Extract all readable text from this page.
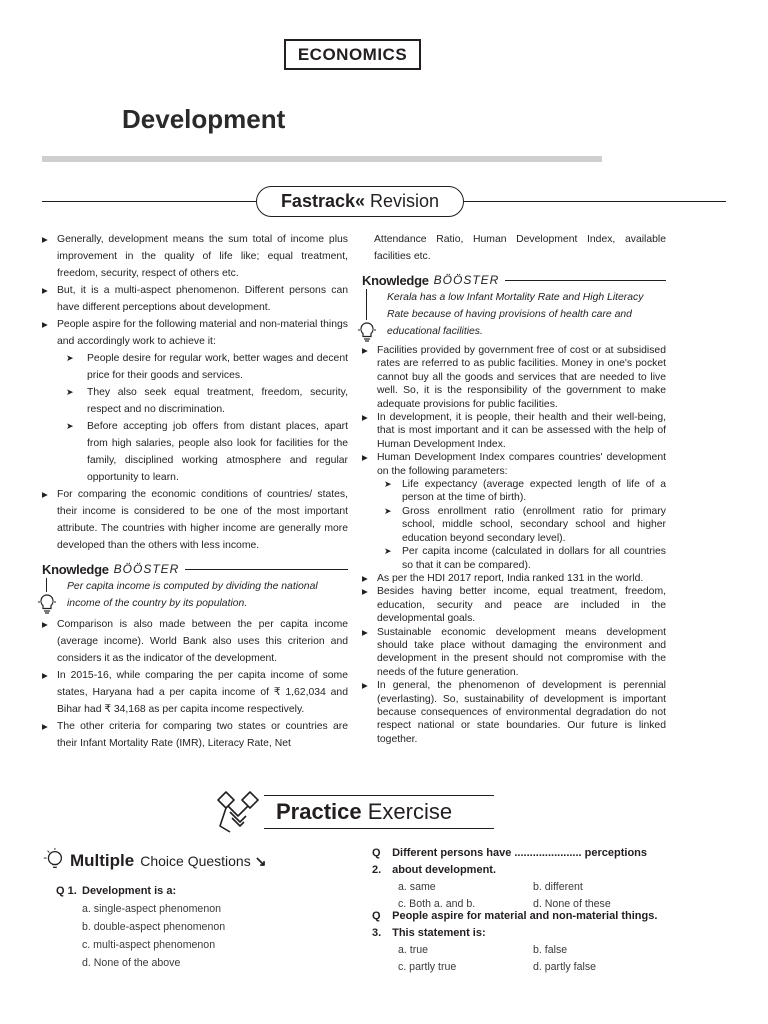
ECONOMICS
Development
Fastrack« Revision
▶ Generally, development means the sum total of income plus improvement in the quality of life like; equal treatment, freedom, security, respect of others etc.
▶ But, it is a multi-aspect phenomenon. Different persons can have different perceptions about development.
▶ People aspire for the following material and non-material things and accordingly work to achieve it:
➤ People desire for regular work, better wages and decent price for their goods and services.
➤ They also seek equal treatment, freedom, security, respect and no discrimination.
➤ Before accepting job offers from distant places, apart from high salaries, people also look for facilities for the family, disciplined working atmosphere and regular opportunity to learn.
▶ For comparing the economic conditions of countries/ states, their income is considered to be one of the most important attribute. The countries with higher income are generally more developed than the others with less income.
Knowledge BÖÖSTER
Per capita income is computed by dividing the national income of the country by its population.
▶ Comparison is also made between the per capita income (average income). World Bank also uses this criterion and considers it as the indicator of the development.
▶ In 2015-16, while comparing the per capita income of some states, Haryana had a per capita income of ₹ 1,62,034 and Bihar had ₹ 34,168 as per capita income respectively.
▶ The other criteria for comparing two states or countries are their Infant Mortality Rate (IMR), Literacy Rate, Net
Attendance Ratio, Human Development Index, available facilities etc.
Knowledge BÖÖSTER
Kerala has a low Infant Mortality Rate and High Literacy Rate because of having provisions of health care and educational facilities.
▶ Facilities provided by government free of cost or at subsidised rates are referred to as public facilities. Money in one's pocket cannot buy all the goods and services that are needed to live well. So, it is the responsibility of the government to make adequate provisions for public facilities.
▶ In development, it is people, their health and their well-being, that is most important and it can be assessed with the help of Human Development Index.
▶ Human Development Index compares countries' development on the following parameters:
➤ Life expectancy (average expected length of life of a person at the time of birth).
➤ Gross enrollment ratio (enrollment ratio for primary school, middle school, secondary school and higher education beyond secondary level).
➤ Per capita income (calculated in dollars for all countries so that it can be compared).
▶ As per the HDI 2017 report, India ranked 131 in the world.
▶ Besides having better income, equal treatment, freedom, education, security and peace are included in the developmental goals.
▶ Sustainable economic development means development should take place without damaging the environment and development in the present should not compromise with the needs of the future generation.
▶ In general, the phenomenon of development is perennial (everlasting). So, sustainability of development is important because consequences of environmental degradation do not respect national or state boundaries. Our future is linked together.
Practice Exercise
Multiple Choice Questions ↘
Q 1. Development is a:
a. single-aspect phenomenon
b. double-aspect phenomenon
c. multi-aspect phenomenon
d. None of the above
Q 2.
Different persons have ...................... perceptions about development.
a. same	b. different
c. Both a. and b.	d. None of these
Q 3.
People aspire for material and non-material things. This statement is:
a. true	b. false
c. partly true	d. partly false
